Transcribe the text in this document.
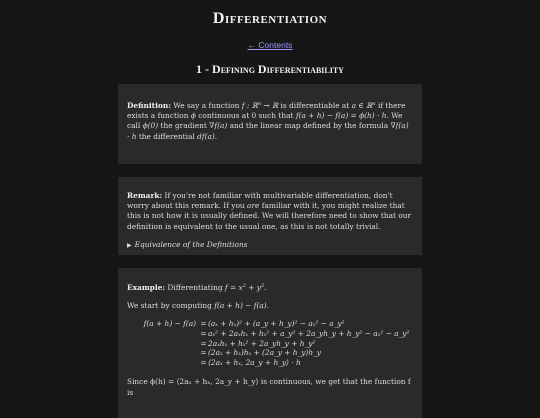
Differentiation
← Contents
1 - Defining Differentiability

Definition: We say a function f : ℝ$^n$ → ℝ is differentiable at a ∈ ℝ$^n$ if there exists a function ϕ continuous at 0 such that f(a + h) − f(a) = ϕ(h) · h. We call ϕ(0) the gradient ∇f(a) and the linear map defined by the formula ∇f(a) · h the differential df(a).

Remark: If you're not familiar with multivariable differentiation, don't worry about this remark. If you are familiar with it, you might realize that this is not how it is usually defined. We will therefore need to show that our definition is equivalent to the usual one, as this is not totally trivial.

▶ Equivalence of the Definitions

Example: Differentiating $f = x^2 + y^2$.

We start by computing f(a + h) − f(a).

f(a + h) − f(a) = (aₓ + hₓ)² + (a_y + h_y)² − aₓ² − a_y²
= aₓ² + 2aₓhₓ + hₓ² + a_y² + 2a_yh_y + h_y² − aₓ² − a_y²
= 2aₓhₓ + hₓ² + 2a_yh_y + h_y²
= (2aₓ + hₓ)hₓ + (2a_y + h_y)h_y
= ⟨2aₓ + hₓ, 2a_y + h_y⟩ · h

Since ϕ(h) = ⟨2aₓ + hₓ, 2a_y + h_y⟩ is continuous, we get that the function f is
